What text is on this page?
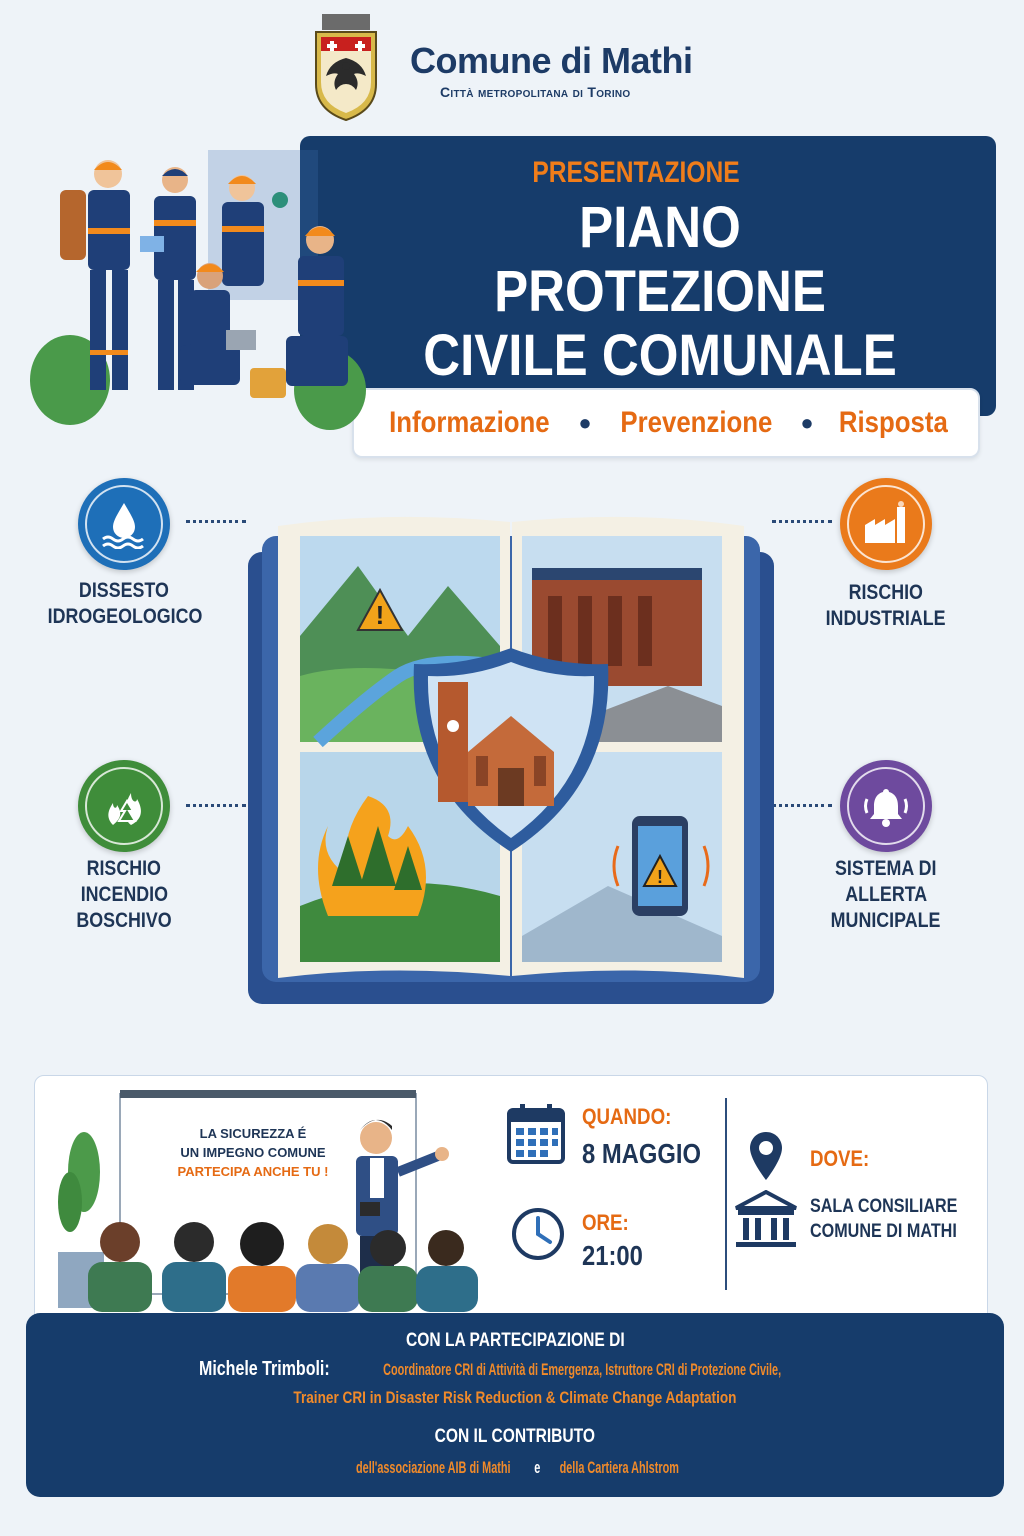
Comune di Mathi
Città metropolitana di Torino
PRESENTAZIONE
PIANO PROTEZIONE
CIVILE COMUNALE
Informazione ● Prevenzione ● Risposta
DISSESTO
IDROGEOLOGICO
RISCHIO
INDUSTRIALE
RISCHIO
INCENDIO
BOSCHIVO
SISTEMA DI
ALLERTA
MUNICIPALE
!
!
LA SICUREZZA É
UN IMPEGNO COMUNE
PARTECIPA ANCHE TU !
QUANDO:
8 MAGGIO
ORE:
21:00
DOVE:
SALA CONSILIARE
COMUNE DI MATHI
CON LA PARTECIPAZIONE DI
Michele Trimboli:	Coordinatore CRI di Attività di Emergenza, Istruttore CRI di Protezione Civile,
Trainer CRI in Disaster Risk Reduction & Climate Change Adaptation
CON IL CONTRIBUTO
dell'associazione AIB di Mathi e della Cartiera Ahlstrom
